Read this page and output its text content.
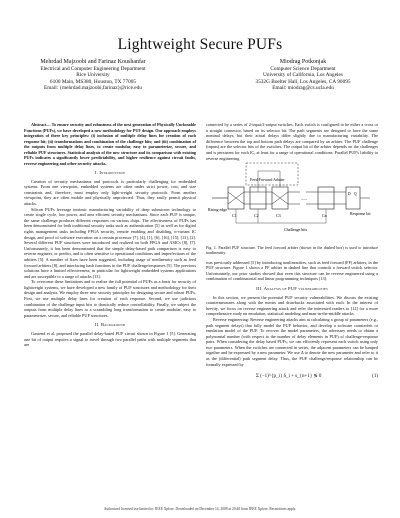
Lightweight Secure PUFs
Mehrdad Majzoobi and Farinaz Koushanfar
Electrical and Computer Engineering Department
Rice University
6100 Main, MS380, Houston, TX 77005
Email: {mehrdad.majzoobi,farinaz}@rice.edu
Miodrag Potkonjak
Computer Science Department
University of California, Los Angeles
3532G Boelter Hall, Los Angeles, CA 90095
Email: miodrag@cs.ucla.edu

Abstract— To ensure security and robustness of the next generation of Physically Unclonable Functions (PUFs), we have developed a new methodology for PUF design. Our approach employs integration of three key principles: (i) inclusion of multiple delay lines for creation of each response bit; (ii) transformations and combination of the challenge bits; and (iii) combination of the outputs from multiple delay lines, to create modular, easy to parameterize, secure, and reliable PUF structures. Statistical analysis of the new structure and its comparison with existing PUFs indicates a significantly lower predictability, and higher resilience against circuit faults, reverse engineering and other security attacks.

I. Introduction

Creation of security mechanisms and protocols is particularly challenging for embedded systems. From one viewpoint, embedded systems are often under strict power, cost, and size constraints and, therefore, must employ only light-weight security protocols. From another viewpoint, they are often mobile and physically unprotected. Thus, they easily permit physical attacks.

Silicon PUFs leverage intrinsic manufacturing variability of deep submicron technology to create single cycle, low power, and area efficient security mechanisms. Since each PUF is unique, the same challenge produces different responses on various chips. The effectiveness of PUFs has been demonstrated for both traditional security tasks such as authentication [5] as well as for digital rights management tasks including FPGA security, remote enabling and disabling, n-variant IC design, and proof of software execution on a certain processor [7], [4], [1], [6], [16], [15], [13], [2]. Several different PUF structures were introduced and realized on both FPGA and ASICs [8], [7]. Unfortunately, it has been demonstrated that the simple delay-based path comparison is easy to reverse engineer, or predict, and is often sensitive to operational conditions and imperfections of the arbiters [5]. A number of fixes have been suggested, including usage of nonlinearity such as feed forward arbiters [8], and interfacing hash functions to the PUF challenge/responses [5]. The previous solutions have a limited effectiveness; in particular for lightweight embedded systems applications and are susceptible to a range of attacks [13].

To overcome these limitations and to realize the full potential of PUFs as a basis for security of lightweight systems, we have developed a new family of PUF structures and methodology for their design and analysis. We employ three new security principles for designing secure and robust PUFs. First, we use multiple delay lines for creation of each response. Second, we use judicious combination of the challenge input bits to drastically reduce controllability. Finally, we subject the outputs from multiple delay lines to a scrambling long transformation to create modular, easy to parameterize, secure, and reliable PUF structures.

II. Background

Gassend et al. proposed the parallel delay-based PUF circuit shown in Figure 1 [5]. Generating one bit of output requires a signal to travel through two parallel paths with multiple segments that are

connected by a series of 2-input/2-output switches. Each switch is configured to be either a cross or a straight connector, based on its selector bit. The path segments are designed to have the same nominal delays, but their actual delays differ slightly due to manufacturing variability. The difference between the top and bottom path delays are compared by an arbiter. The PUF challenge (inputs) are the selector bits of the switches. The output bit of the arbiter depends on the challenges and is persistent for each IC, at least for a range of operational conditions. Parallel PUF's liability to reverse engineering

…
Rising edge
C1	C2	C3	Cn
Feed Forward Arbiter
Challenge bits
Response bit
D Q
Fig. 1. Parallel PUF structure. The feed forward arbiter (shown in the dashed box) is used to introduce nonlinearity.

was previously addressed [5] by introducing nonlinearities, such as feed forward (FF) arbiters, in the PUF structure. Figure 1 shows a FF arbiter in dashed line that controls a forward switch selector. Unfortunately, our prior studies showed that even this structure can be reverse engineered using a combination of combinatorial and linear programming techniques [13].

III. Analysis of PUF vulnerabilities

In this section, we present the potential PUF security vulnerabilities. We discuss the existing countermeasures along with the merits and drawbacks associated with each. In the interest of brevity, we focus on reverse engineering attack and refer the interested readers to [12] for a more comprehensive study on emulation, statistical modeling and man-in-the-middle attacks.

Reverse engineering: Reverse engineering attacks aim at calculating a group of parameters (e.g., path segment delays) that fully model the PUF behavior, and develop a software counterfeit or emulation model of the PUF. To recover the model parameters, the adversary needs to obtain a polynomial number (with respect to the number of delay elements in PUF) of challenge-response pairs. When considering the delay based PUFs, we can efficiently represent each switch using only two parameters. When the switches are connected in series, the adjacent parameters can be lumped together and be expressed by a new parameter. We use Δ to denote the new parameter and refer to it as the (differential) path segment delay. Thus, the PUF challenge/response relationship can be formally expressed by

Σ (−1)^{p_i} δ_i + s_{n+1} ≶ 0	(1)
Authorized licensed use limited to: IEEE Xplore. Downloaded on December 14, 2008 at 20:40 from IEEE Xplore. Restrictions apply.
